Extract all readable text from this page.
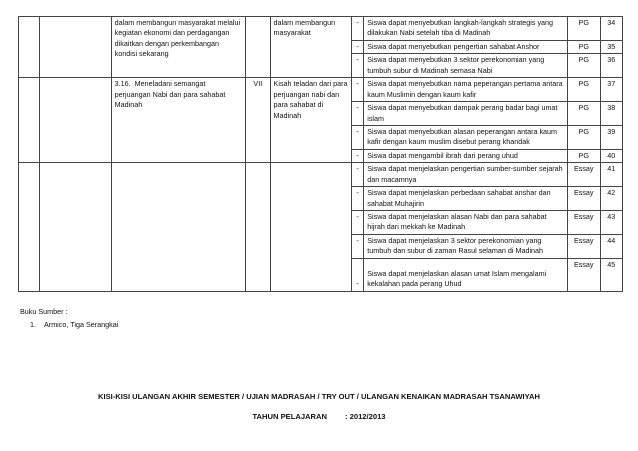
		dalam membangun masyarakat melalui kegiatan ekonomi dan perdagangan dikaitkan dengan perkembangan kondisi sekarang		dalam membangun masyarakat	-	Siswa dapat menyebutkan langkah-langkah strategis yang dilakukan Nabi setelah tiba di Madinah	PG	34
					-	Siswa dapat menyebutkan pengertian sahabat Anshor	PG	35
					-	Siswa dapat menyebutkan 3 sektor perekonomian yang tumbuh subur di Madinah semasa Nabi	PG	36
		3.16. Meneladani semangat perjuangan Nabi dan para sahabat Madinah	VII	Kisah teladan dari para perjuangan nabi dan para sahabat di Madinah	-	Siswa dapat menyebutkan nama peperangan pertama antara kaum Muslimin dengan kaum kafir	PG	37
					-	Siswa dapat menyebutkan dampak perang badar bagi umat islam	PG	38
					-	Siswa dapat menyebutkan alasan peperangan antara kaum kafir dengan kaum muslim disebut perang khandak	PG	39
					-	Siswa dapat mengambil ibrah dari perang uhud	PG	40
					-	Siswa dapat menjelaskan pengertian sumber-sumber sejarah dan macamnya	Essay	41
					-	Siswa dapat menjelaskan perbedaan sahabat anshar dan sahabat Muhajirin	Essay	42
					-	Siswa dapat menjelaskan alasan Nabi dan para sahabat hijrah dari mekkah ke Madinah	Essay	43
					-	Siswa dapat menjelaskan 3 sektor perekonomian yang tumbuh dan subur di zaman Rasul selaman di Madinah	Essay	44
					-	Siswa dapat menjelaskan alasan umat Islam mengalami kekalahan pada perang Uhud	Essay	45
Buku Sumber :
1. Armico, Tiga Serangkai
KISI-KISI ULANGAN AKHIR SEMESTER / UJIAN MADRASAH / TRY OUT / ULANGAN KENAIKAN MADRASAH TSANAWIYAH
TAHUN PELAJARAN : 2012/2013
